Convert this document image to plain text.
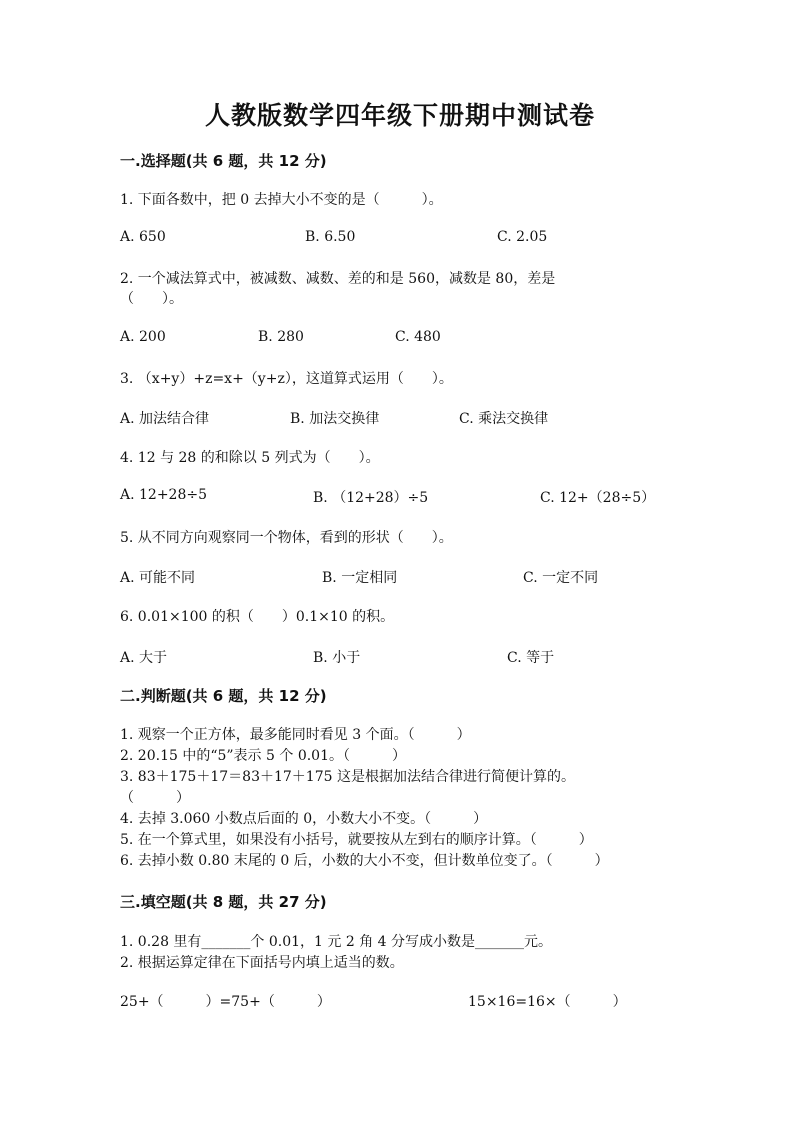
人教版数学四年级下册期中测试卷
一.选择题(共 6 题，共 12 分)
1. 下面各数中，把 0 去掉大小不变的是（　　　）。
A. 650	B. 6.50	C. 2.05
2. 一个减法算式中，被减数、减数、差的和是 560，减数是 80，差是
（　　）。
A. 200	B. 280	C. 480
3. （x+y）+z=x+（y+z），这道算式运用（　　）。
A. 加法结合律	B. 加法交换律	C. 乘法交换律
4. 12 与 28 的和除以 5 列式为（　　）。
A. 12+28÷5	B. （12+28）÷5	C. 12+（28÷5）
5. 从不同方向观察同一个物体，看到的形状（　　）。
A. 可能不同	B. 一定相同	C. 一定不同
6. 0.01×100 的积（　　）0.1×10 的积。
A. 大于	B. 小于	C. 等于
二.判断题(共 6 题，共 12 分)
1. 观察一个正方体，最多能同时看见 3 个面。（　　　）
2. 20.15 中的“5”表示 5 个 0.01。（　　　）
3. 83＋175＋17＝83＋17＋175 这是根据加法结合律进行简便计算的。
（　　　）
4. 去掉 3.060 小数点后面的 0，小数大小不变。（　　　）
5. 在一个算式里，如果没有小括号，就要按从左到右的顺序计算。（　　　）
6. 去掉小数 0.80 末尾的 0 后，小数的大小不变，但计数单位变了。（　　　）
三.填空题(共 8 题，共 27 分)
1. 0.28 里有_______个 0.01，1 元 2 角 4 分写成小数是_______元。
2. 根据运算定律在下面括号内填上适当的数。
25+（　　　）=75+（　　　）	15×16=16×（　　　）
